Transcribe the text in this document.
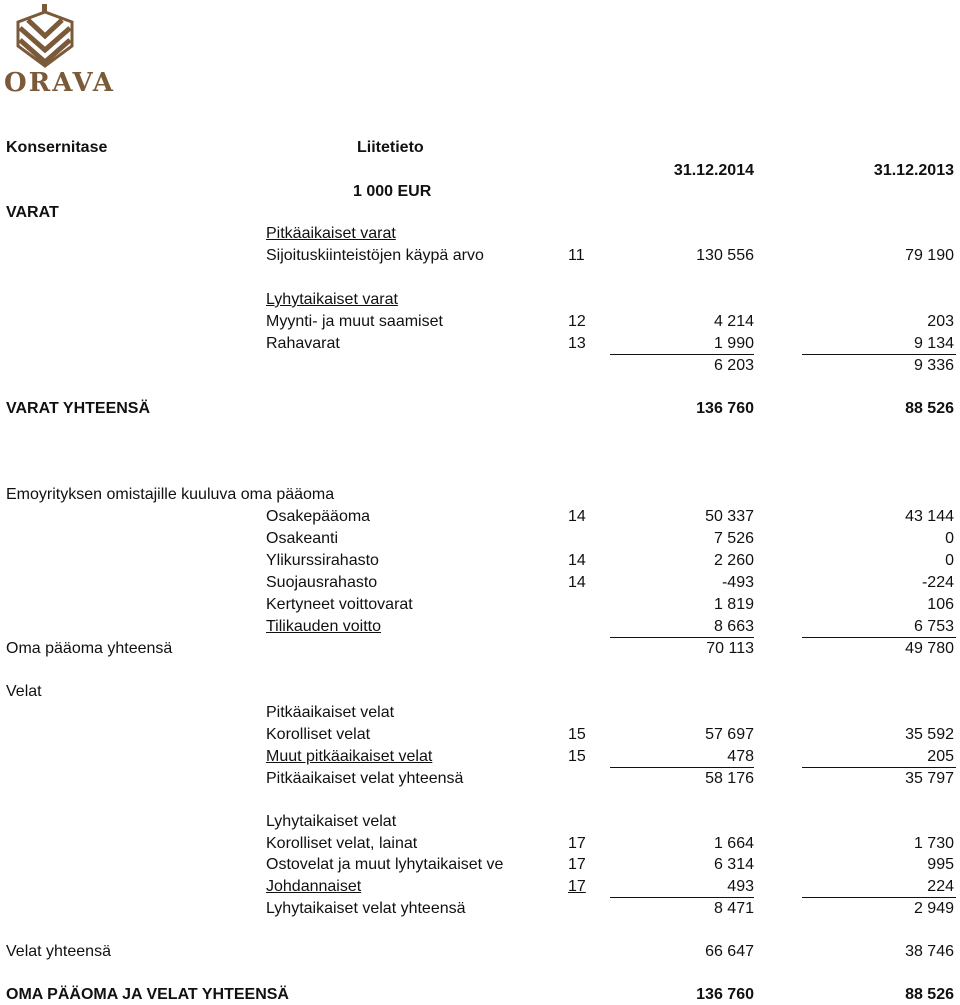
ORAVA
Konsernitase	Liitetieto
31.12.2014	31.12.2013
1 000 EUR
VARAT
Pitkäaikaiset varat
Sijoituskiinteistöjen käypä arvo	11	130 556	79 190
Lyhytaikaiset varat
Myynti- ja muut saamiset	12	4 214	203
Rahavarat	13	1 990	9 134
6 203	9 336
VARAT YHTEENSÄ	136 760	88 526
Emoyrityksen omistajille kuuluva oma pääoma
Osakepääoma	14	50 337	43 144
Osakeanti	7 526	0
Ylikurssirahasto	14	2 260	0
Suojausrahasto	14	-493	-224
Kertyneet voittovarat	1 819	106
Tilikauden voitto	8 663	6 753
Oma pääoma yhteensä	70 113	49 780
Velat
Pitkäaikaiset velat
Korolliset velat	15	57 697	35 592
Muut pitkäaikaiset velat	15	478	205
Pitkäaikaiset velat yhteensä	58 176	35 797
Lyhytaikaiset velat
Korolliset velat, lainat	17	1 664	1 730
Ostovelat ja muut lyhytaikaiset ve	17	6 314	995
Johdannaiset	17	493	224
Lyhytaikaiset velat yhteensä	8 471	2 949
Velat yhteensä	66 647	38 746
OMA PÄÄOMA JA VELAT YHTEENSÄ	136 760	88 526
